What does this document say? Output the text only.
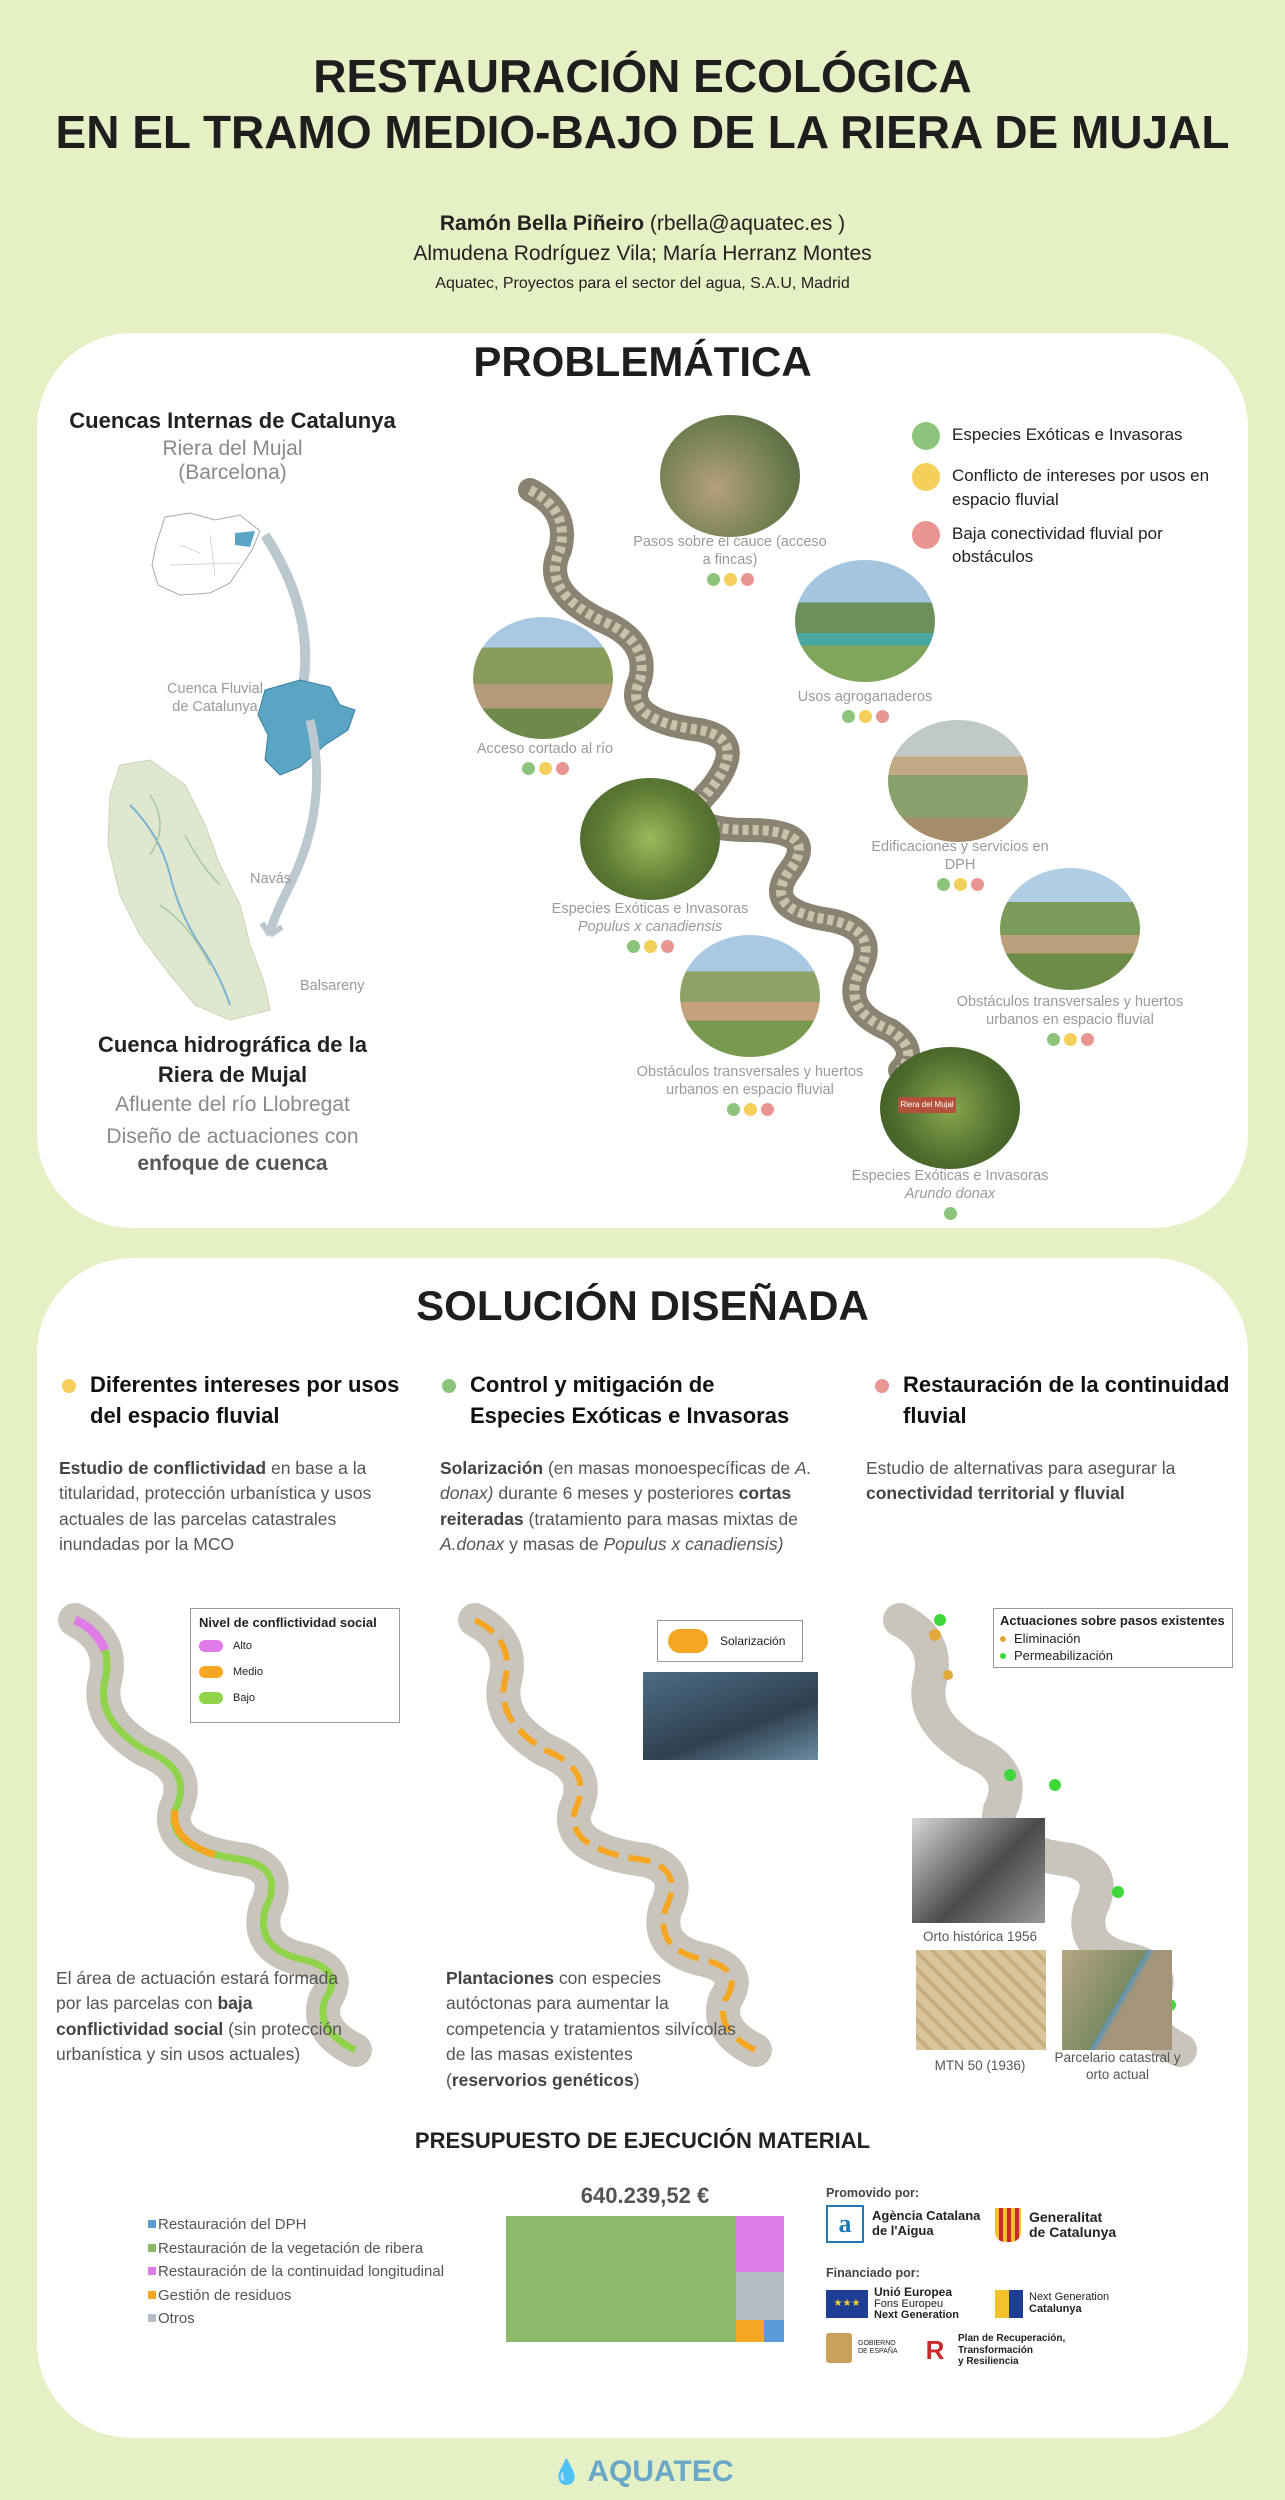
RESTAURACIÓN ECOLÓGICA
EN EL TRAMO MEDIO-BAJO DE LA RIERA DE MUJAL
Ramón Bella Piñeiro (rbella@aquatec.es )
Almudena Rodríguez Vila; María Herranz Montes
Aquatec, Proyectos para el sector del agua, S.A.U, Madrid
PROBLEMÁTICA
Cuencas Internas de Catalunya
Riera del Mujal
(Barcelona)
Cuenca Fluvial de Catalunya
Navás
Balsareny
Cuenca hidrográfica de la Riera de Mujal
Afluente del río Llobregat
Diseño de actuaciones con
enfoque de cuenca
Pasos sobre el cauce (acceso a fincas)
Usos agroganaderos
Acceso cortado al río
Edificaciones y servicios en DPH
Especies Exóticas e Invasoras
Populus x canadiensis
Obstáculos transversales y huertos urbanos en espacio fluvial
Obstáculos transversales y huertos urbanos en espacio fluvial
Riera del Mujal
Especies Exóticas e Invasoras
Arundo donax
Especies Exóticas e Invasoras
Conflicto de intereses por usos en espacio fluvial
Baja conectividad fluvial por obstáculos
SOLUCIÓN DISEÑADA
Diferentes intereses por usos del espacio fluvial
Estudio de conflictividad en base a la titularidad, protección urbanística y usos actuales de las parcelas catastrales inundadas por la MCO
Nivel de conflictividad social
Alto
Medio
Bajo
El área de actuación estará formada por las parcelas con baja conflictividad social (sin protección urbanística y sin usos actuales)
Control y mitigación de Especies Exóticas e Invasoras
Solarización (en masas monoespecíficas de A. donax) durante 6 meses y posteriores cortas reiteradas (tratamiento para masas mixtas de A.donax y masas de Populus x canadiensis)
Solarización
Plantaciones con especies autóctonas para aumentar la competencia y tratamientos silvícolas de las masas existentes (reservorios genéticos)
Restauración de la continuidad fluvial
Estudio de alternativas para asegurar la conectividad territorial y fluvial
Actuaciones sobre pasos existentes
Eliminación
Permeabilización
Orto histórica 1956
MTN 50 (1936)
Parcelario catastral y orto actual
PRESUPUESTO DE EJECUCIÓN MATERIAL
Restauración del DPH
Restauración de la vegetación de ribera
Restauración de la continuidad longitudinal
Gestión de residuos
Otros
640.239,52 €	Promovido por:
a	Agència Catalana
de l'Aigua
Generalitat
de Catalunya
Financiado por:
★★★
Unió Europea
Fons Europeu
Next Generation
Next Generation
Catalunya
GOBIERNO
DE ESPAÑA R	Plan de Recuperación,
Transformación
y Resiliencia
💧 AQUATEC
